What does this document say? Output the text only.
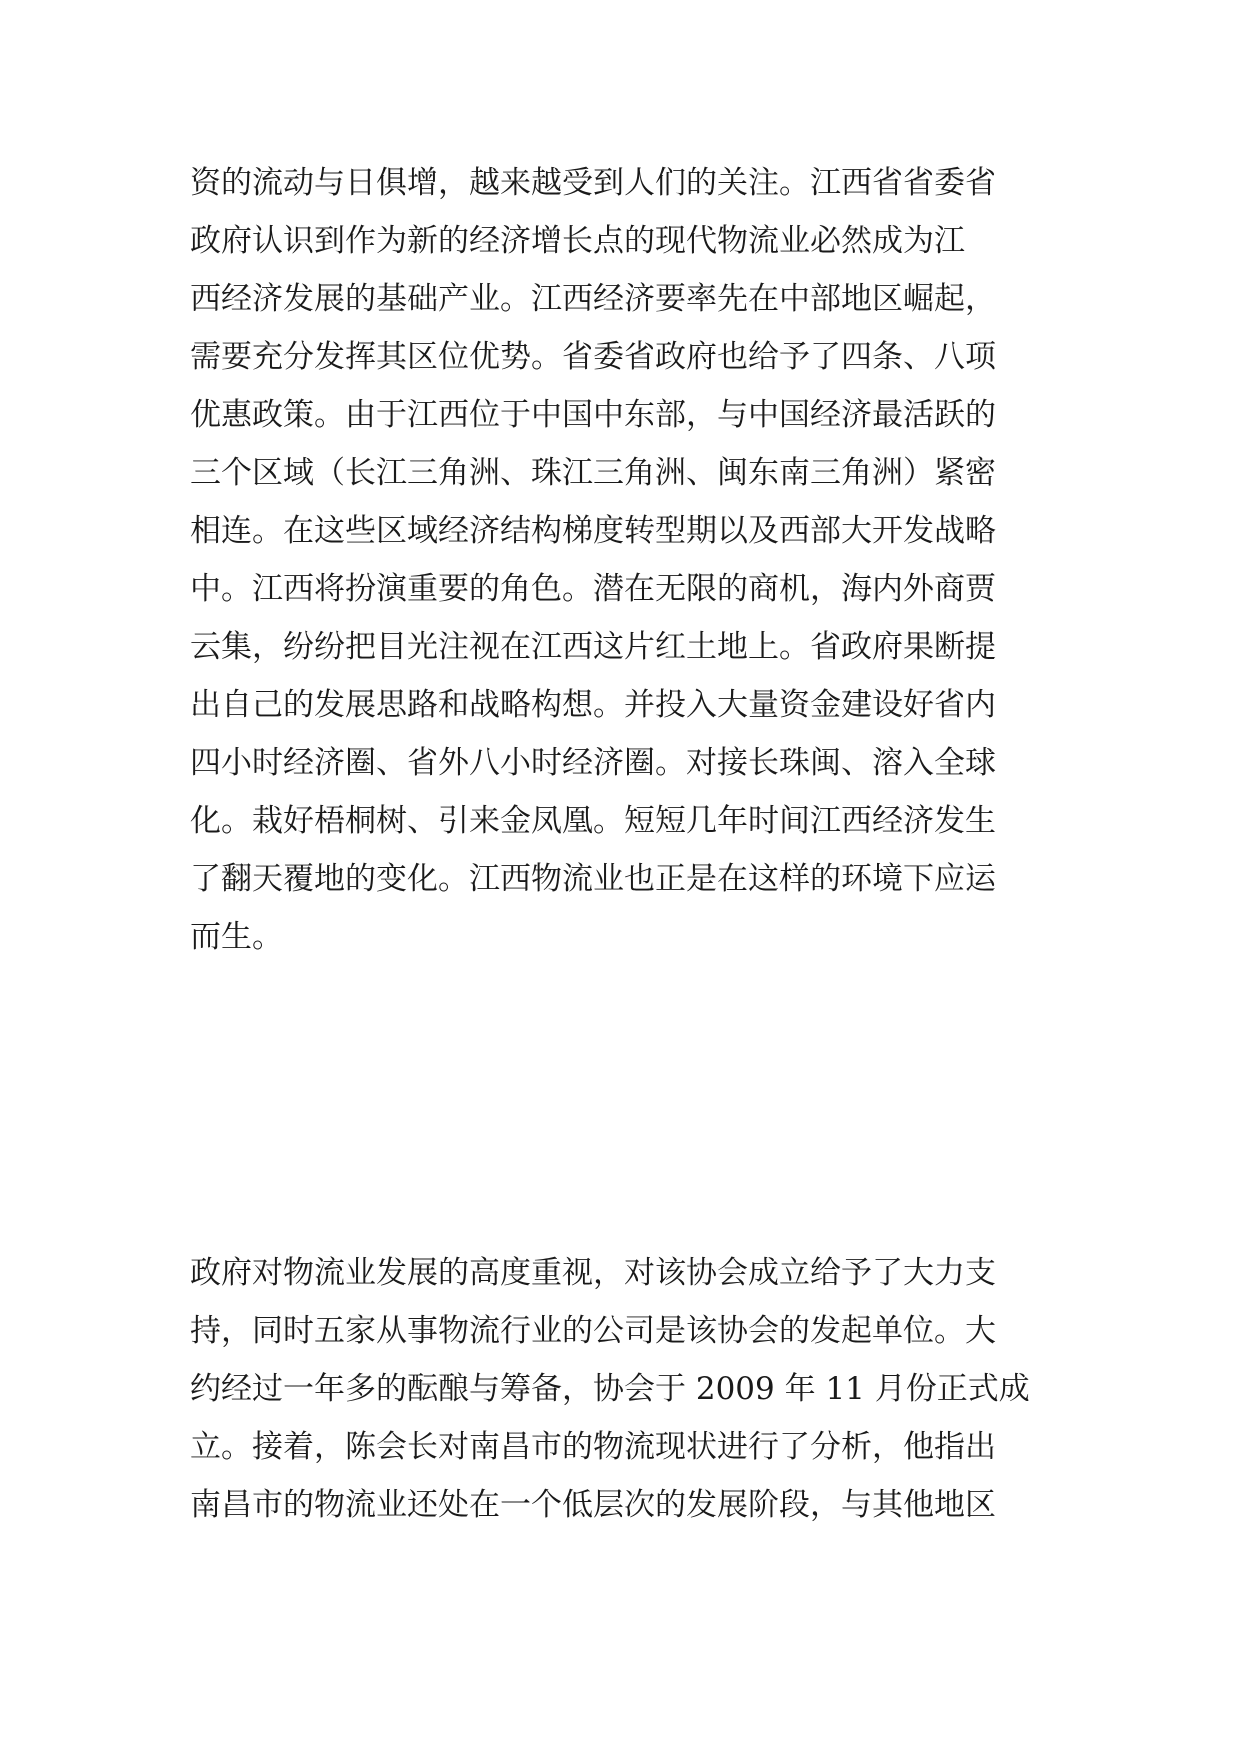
资的流动与日俱增，越来越受到人们的关注。江西省省委省
政府认识到作为新的经济增长点的现代物流业必然成为江
西经济发展的基础产业。江西经济要率先在中部地区崛起，
需要充分发挥其区位优势。省委省政府也给予了四条、八项
优惠政策。由于江西位于中国中东部，与中国经济最活跃的
三个区域（长江三角洲、珠江三角洲、闽东南三角洲）紧密
相连。在这些区域经济结构梯度转型期以及西部大开发战略
中。江西将扮演重要的角色。潜在无限的商机，海内外商贾
云集，纷纷把目光注视在江西这片红土地上。省政府果断提
出自己的发展思路和战略构想。并投入大量资金建设好省内
四小时经济圈、省外八小时经济圈。对接长珠闽、溶入全球
化。栽好梧桐树、引来金凤凰。短短几年时间江西经济发生
了翻天覆地的变化。江西物流业也正是在这样的环境下应运
而生。
政府对物流业发展的高度重视，对该协会成立给予了大力支
持，同时五家从事物流行业的公司是该协会的发起单位。大
约经过一年多的酝酿与筹备，协会于 2009 年 11 月份正式成
立。接着，陈会长对南昌市的物流现状进行了分析，他指出
南昌市的物流业还处在一个低层次的发展阶段，与其他地区
